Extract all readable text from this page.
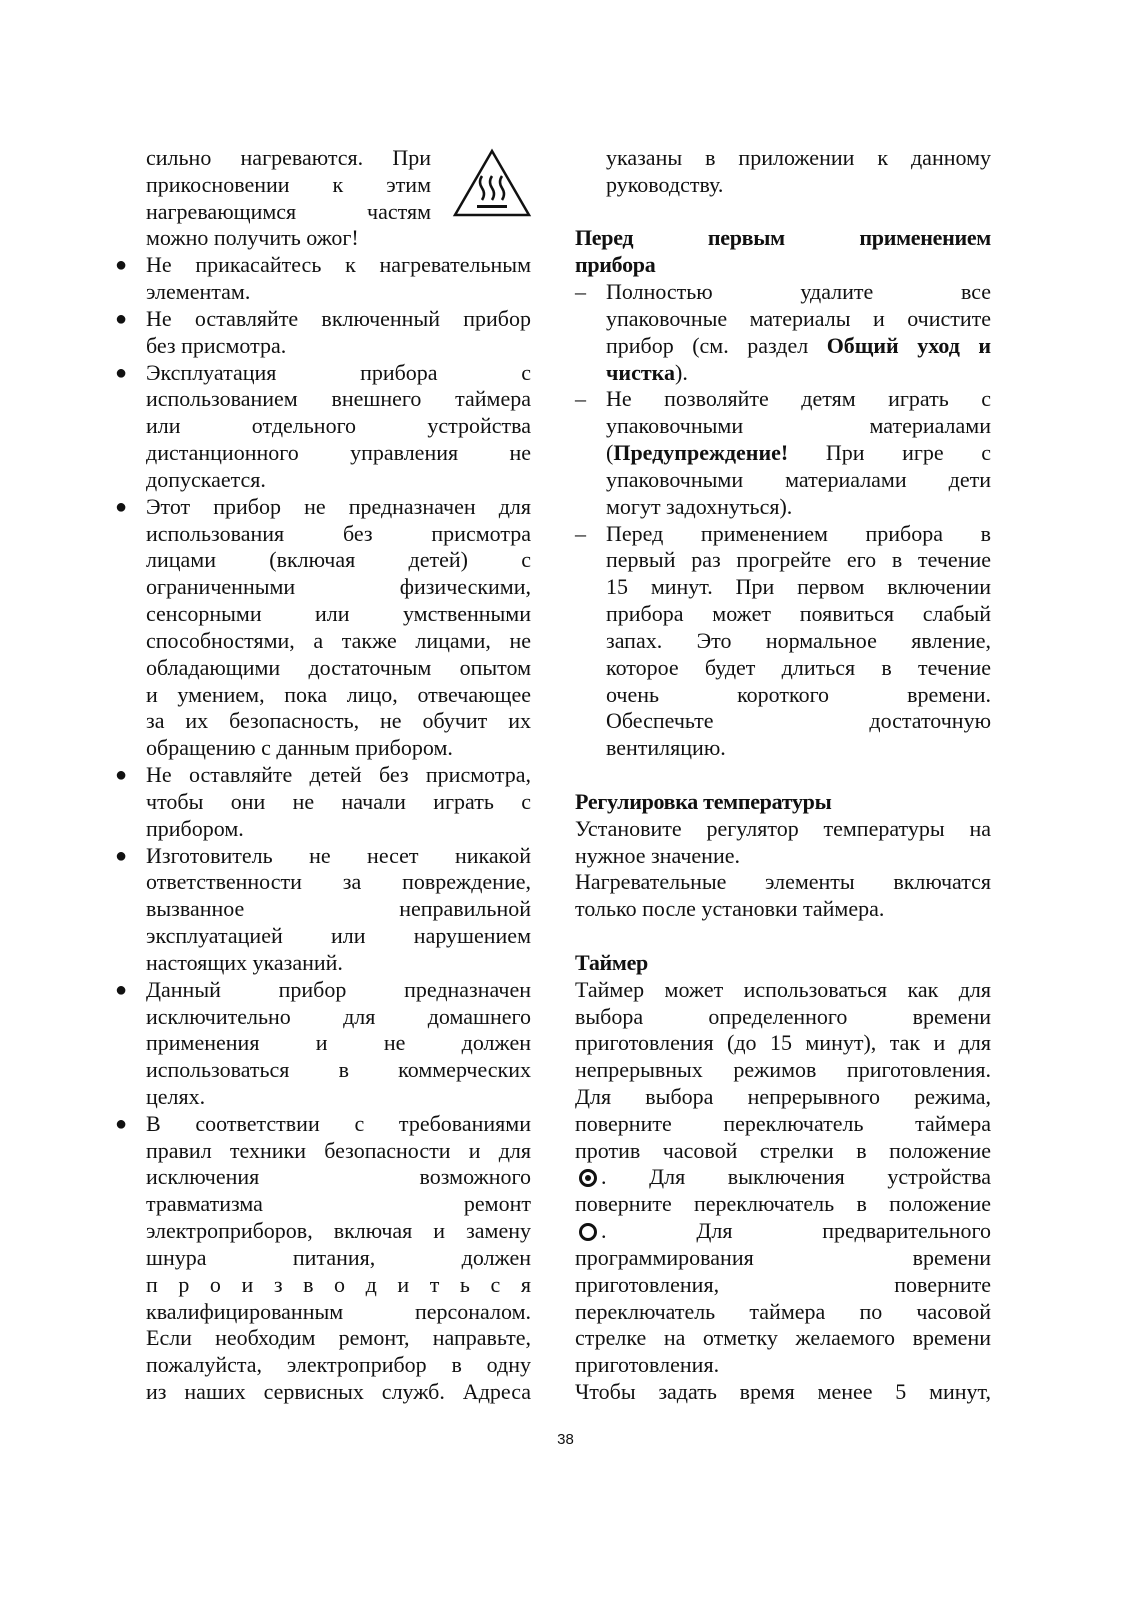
сильно нагреваются. При
прикосновении к этим
нагревающимся частям
можно получить ожог!
● Не прикасайтесь к нагревательным
элементам.
● Не оставляйте включенный прибор
без присмотра.
● Эксплуатация прибора с
использованием внешнего таймера
или отдельного устройства
дистанционного управления не
допускается.
● Этот прибор не предназначен для
использования без присмотра
лицами (включая детей) с
ограниченными физическими,
сенсорными или умственными
способностями, а также лицами, не
обладающими достаточным опытом
и умением, пока лицо, отвечающее
за их безопасность, не обучит их
обращению с данным прибором.
● Не оставляйте детей без присмотра,
чтобы они не начали играть с
прибором.
● Изготовитель не несет никакой
ответственности за повреждение,
вызванное неправильной
эксплуатацией или нарушением
настоящих указаний.
● Данный прибор предназначен
исключительно для домашнего
применения и не должен
использоваться в коммерческих
целях.
● В соответствии с требованиями
правил техники безопасности и для
исключения возможного
травматизма ремонт
электроприборов, включая и замену
шнура питания, должен
п р о и з в о д и т ь с я
квалифицированным персоналом.
Если необходим ремонт, направьте,
пожалуйста, электроприбор в одну
из наших сервисных служб. Адреса
указаны в приложении к данному
руководству.
Перед первым применением
прибора
– Полностью удалите все
упаковочные материалы и очистите
прибор (см. раздел Общий уход и
чистка).
– Не позволяйте детям играть с
упаковочными материалами
(Предупреждение! При игре с
упаковочными материалами дети
могут задохнуться).
– Перед применением прибора в
первый раз прогрейте его в течение
15 минут. При первом включении
прибора может появиться слабый
запах. Это нормальное явление,
которое будет длиться в течение
очень короткого времени.
Обеспечьте достаточную
вентиляцию.
Регулировка температуры
Установите регулятор температуры на
нужное значение.
Нагревательные элементы включатся
только после установки таймера.
Таймер
Таймер может использоваться как для
выбора определенного времени
приготовления (до 15 минут), так и для
непрерывных режимов приготовления.
Для выбора непрерывного режима,
поверните переключатель таймера
против часовой стрелки в положение
. Для выключения устройства
поверните переключатель в положение
. Для предварительного
программирования времени
приготовления, поверните
переключатель таймера по часовой
стрелке на отметку желаемого времени
приготовления.
Чтобы задать время менее 5 минут,
38
